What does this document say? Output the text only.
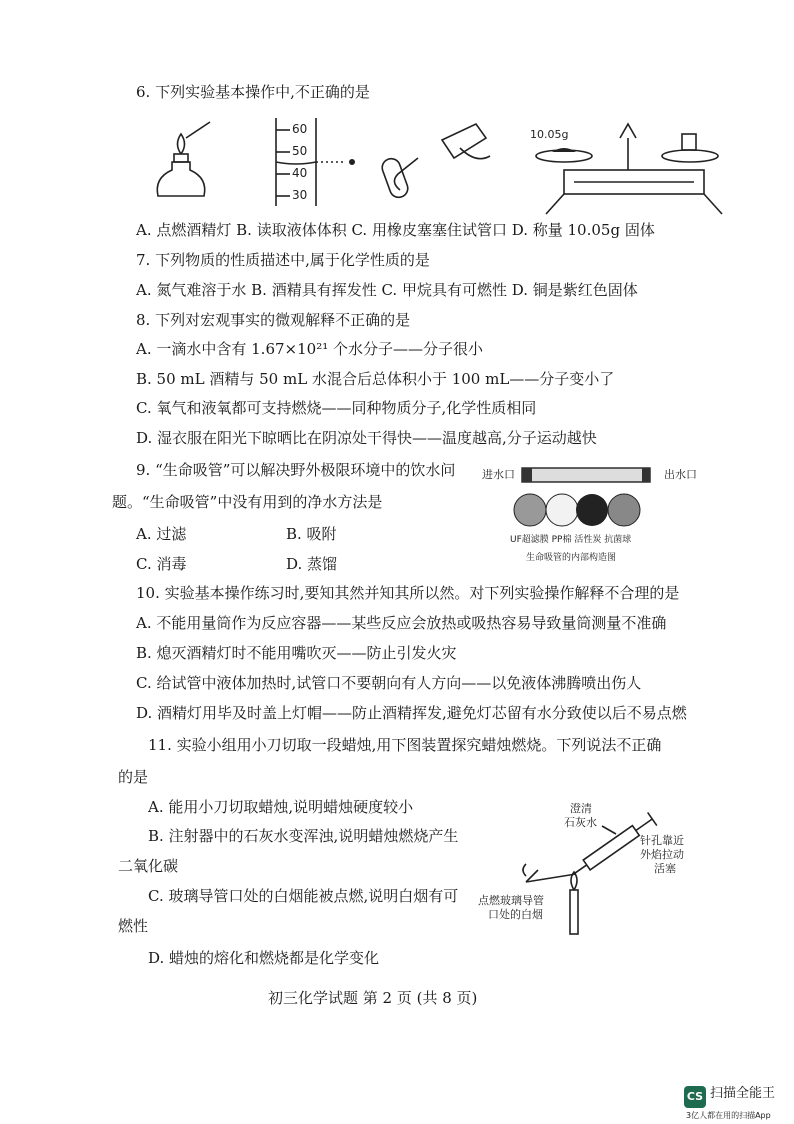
6. 下列实验基本操作中,不正确的是
60
50
40
30
10.05g
A. 点燃酒精灯 B. 读取液体体积 C. 用橡皮塞塞住试管口 D. 称量 10.05g 固体
7. 下列物质的性质描述中,属于化学性质的是
A. 氮气难溶于水 B. 酒精具有挥发性 C. 甲烷具有可燃性 D. 铜是紫红色固体
8. 下列对宏观事实的微观解释不正确的是
A. 一滴水中含有 1.67×10²¹ 个水分子——分子很小
B. 50 mL 酒精与 50 mL 水混合后总体积小于 100 mL——分子变小了
C. 氧气和液氧都可支持燃烧——同种物质分子,化学性质相同
D. 湿衣服在阳光下晾晒比在阴凉处干得快——温度越高,分子运动越快
9. “生命吸管”可以解决野外极限环境中的饮水问
题。“生命吸管”中没有用到的净水方法是
A. 过滤	B. 吸附
C. 消毒	D. 蒸馏
进水口	出水口
UF超滤膜 PP棉 活性炭 抗菌球
生命吸管的内部构造图
10. 实验基本操作练习时,要知其然并知其所以然。对下列实验操作解释不合理的是
A. 不能用量筒作为反应容器——某些反应会放热或吸热容易导致量筒测量不准确
B. 熄灭酒精灯时不能用嘴吹灭——防止引发火灾
C. 给试管中液体加热时,试管口不要朝向有人方向——以免液体沸腾喷出伤人
D. 酒精灯用毕及时盖上灯帽——防止酒精挥发,避免灯芯留有水分致使以后不易点燃
11. 实验小组用小刀切取一段蜡烛,用下图装置探究蜡烛燃烧。下列说法不正确
的是
A. 能用小刀切取蜡烛,说明蜡烛硬度较小
B. 注射器中的石灰水变浑浊,说明蜡烛燃烧产生
二氧化碳
C. 玻璃导管口处的白烟能被点燃,说明白烟有可
燃性
D. 蜡烛的熔化和燃烧都是化学变化
澄清
石灰水
针孔靠近
外焰拉动
活塞
点燃玻璃导管
口处的白烟
初三化学试题 第 2 页 (共 8 页)
CS 扫描全能王
3亿人都在用的扫描App
